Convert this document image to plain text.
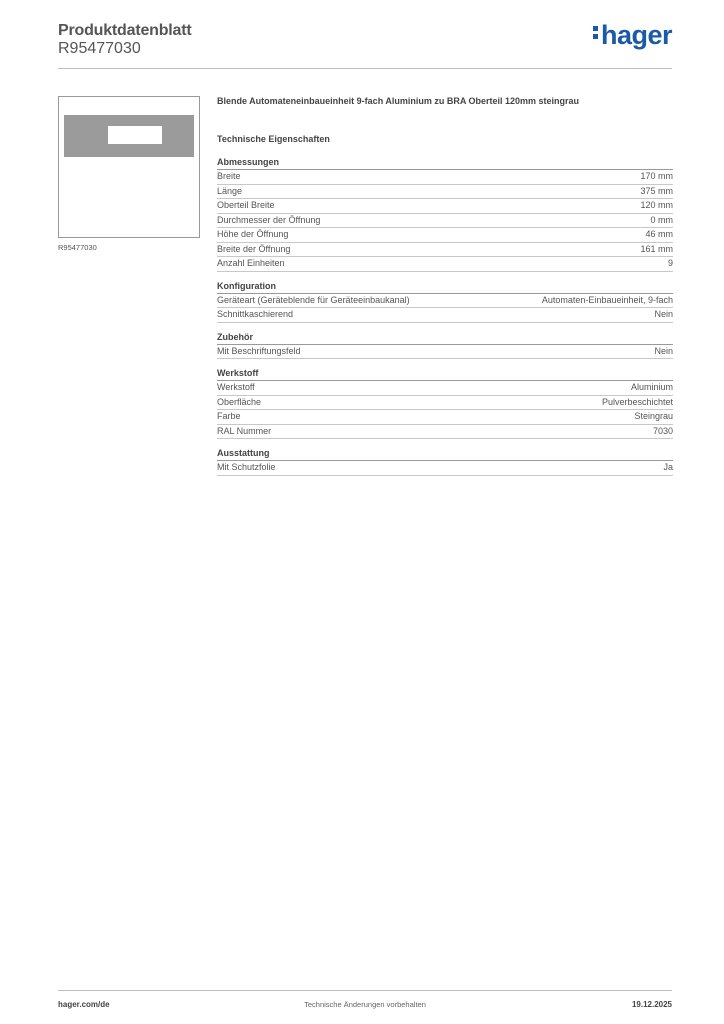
Produktdatenblatt
R95477030	hager
R95477030
Blende Automateneinbaueinheit 9-fach Aluminium zu BRA Oberteil 120mm steingrau
Technische Eigenschaften
Abmessungen
Breite	170 mm
Länge	375 mm
Oberteil Breite	120 mm
Durchmesser der Öffnung	0 mm
Höhe der Öffnung	46 mm
Breite der Öffnung	161 mm
Anzahl Einheiten	9
Konfiguration
Geräteart (Geräteblende für Geräteeinbaukanal)	Automaten-Einbaueinheit, 9-fach
Schnittkaschierend	Nein
Zubehör
Mit Beschriftungsfeld	Nein
Werkstoff
Werkstoff	Aluminium
Oberfläche	Pulverbeschichtet
Farbe	Steingrau
RAL Nummer	7030
Ausstattung
Mit Schutzfolie	Ja
hager.com/de	Technische Änderungen vorbehalten	19.12.2025
